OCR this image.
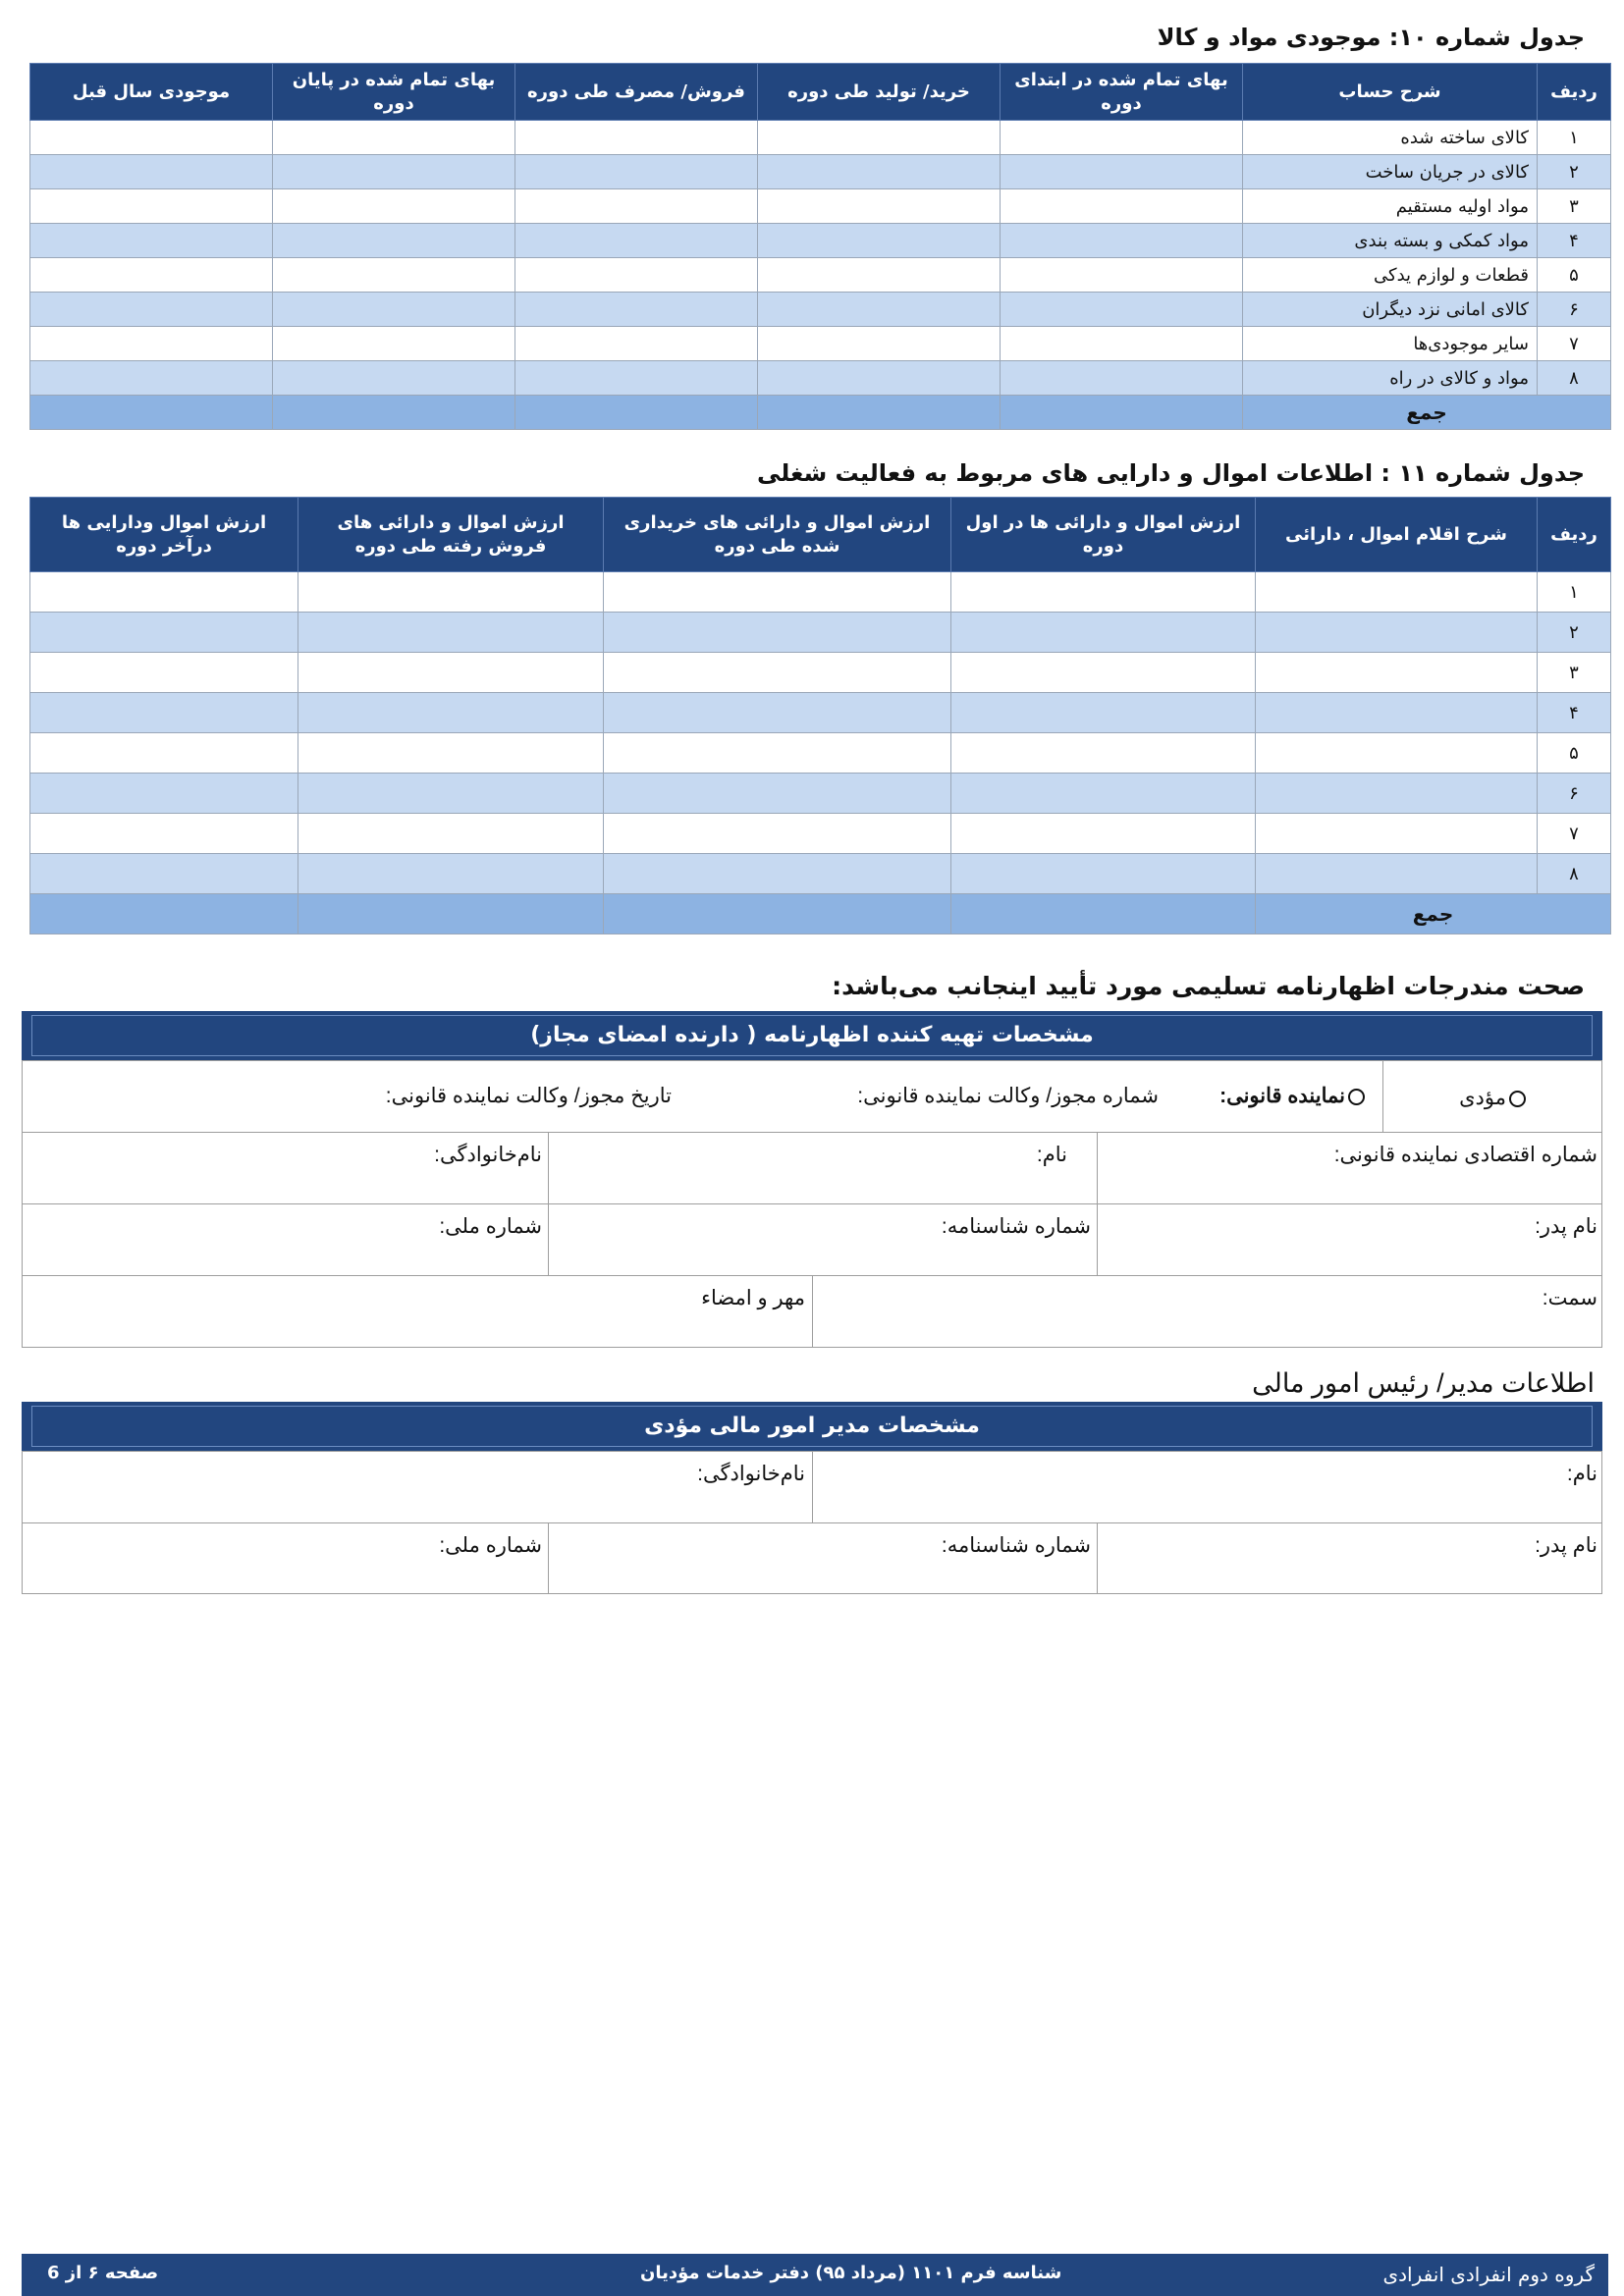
جدول شماره ۱۰: موجودی مواد و کالا
ردیف	شرح حساب	بهای تمام شده در ابتدای دوره	خرید/ تولید طی دوره	فروش/ مصرف طی دوره	بهای تمام شده در پایان دوره	موجودی سال قبل
۱	کالای ساخته شده					
۲	کالای در جریان ساخت					
۳	مواد اولیه مستقیم					
۴	مواد کمکی و بسته بندی					
۵	قطعات و لوازم یدکی					
۶	کالای امانی نزد دیگران					
۷	سایر موجودی‌ها					
۸	مواد و کالای در راه					
جمع						
جدول شماره ۱۱ : اطلاعات اموال و دارایی های مربوط به فعالیت شغلی
ردیف	شرح اقلام اموال ، دارائی	ارزش اموال و دارائی ها در اول دوره	ارزش اموال و دارائی های خریداری شده طی دوره	ارزش اموال و دارائی های فروش رفته طی دوره	ارزش اموال ودارایی ها درآخر دوره
۱					
۲					
۳					
۴					
۵					
۶					
۷					
۸					
جمع					
صحت مندرجات اظهارنامه تسلیمی مورد تأیید اینجانب می‌باشد:
مشخصات تهیه کننده اظهارنامه ( دارنده امضای مجاز)
مؤدی
نماینده قانونی:
شماره مجوز/ وکالت نماینده قانونی:
تاریخ مجوز/ وکالت نماینده قانونی:
شماره اقتصادی نماینده قانونی:
نام:
نام‌خانوادگی:
نام پدر:
شماره شناسنامه:
شماره ملی:
سمت:
مهر و امضاء
اطلاعات مدیر/ رئیس امور مالی
مشخصات مدیر امور مالی مؤدی
نام:
نام‌خانوادگی:
نام پدر:
شماره شناسنامه:
شماره ملی:
گروه دوم انفرادی انفرادی
شناسه فرم ۱۱۰۱ (مرداد ۹۵) دفتر خدمات مؤدیان
صفحه ۶ از 6
